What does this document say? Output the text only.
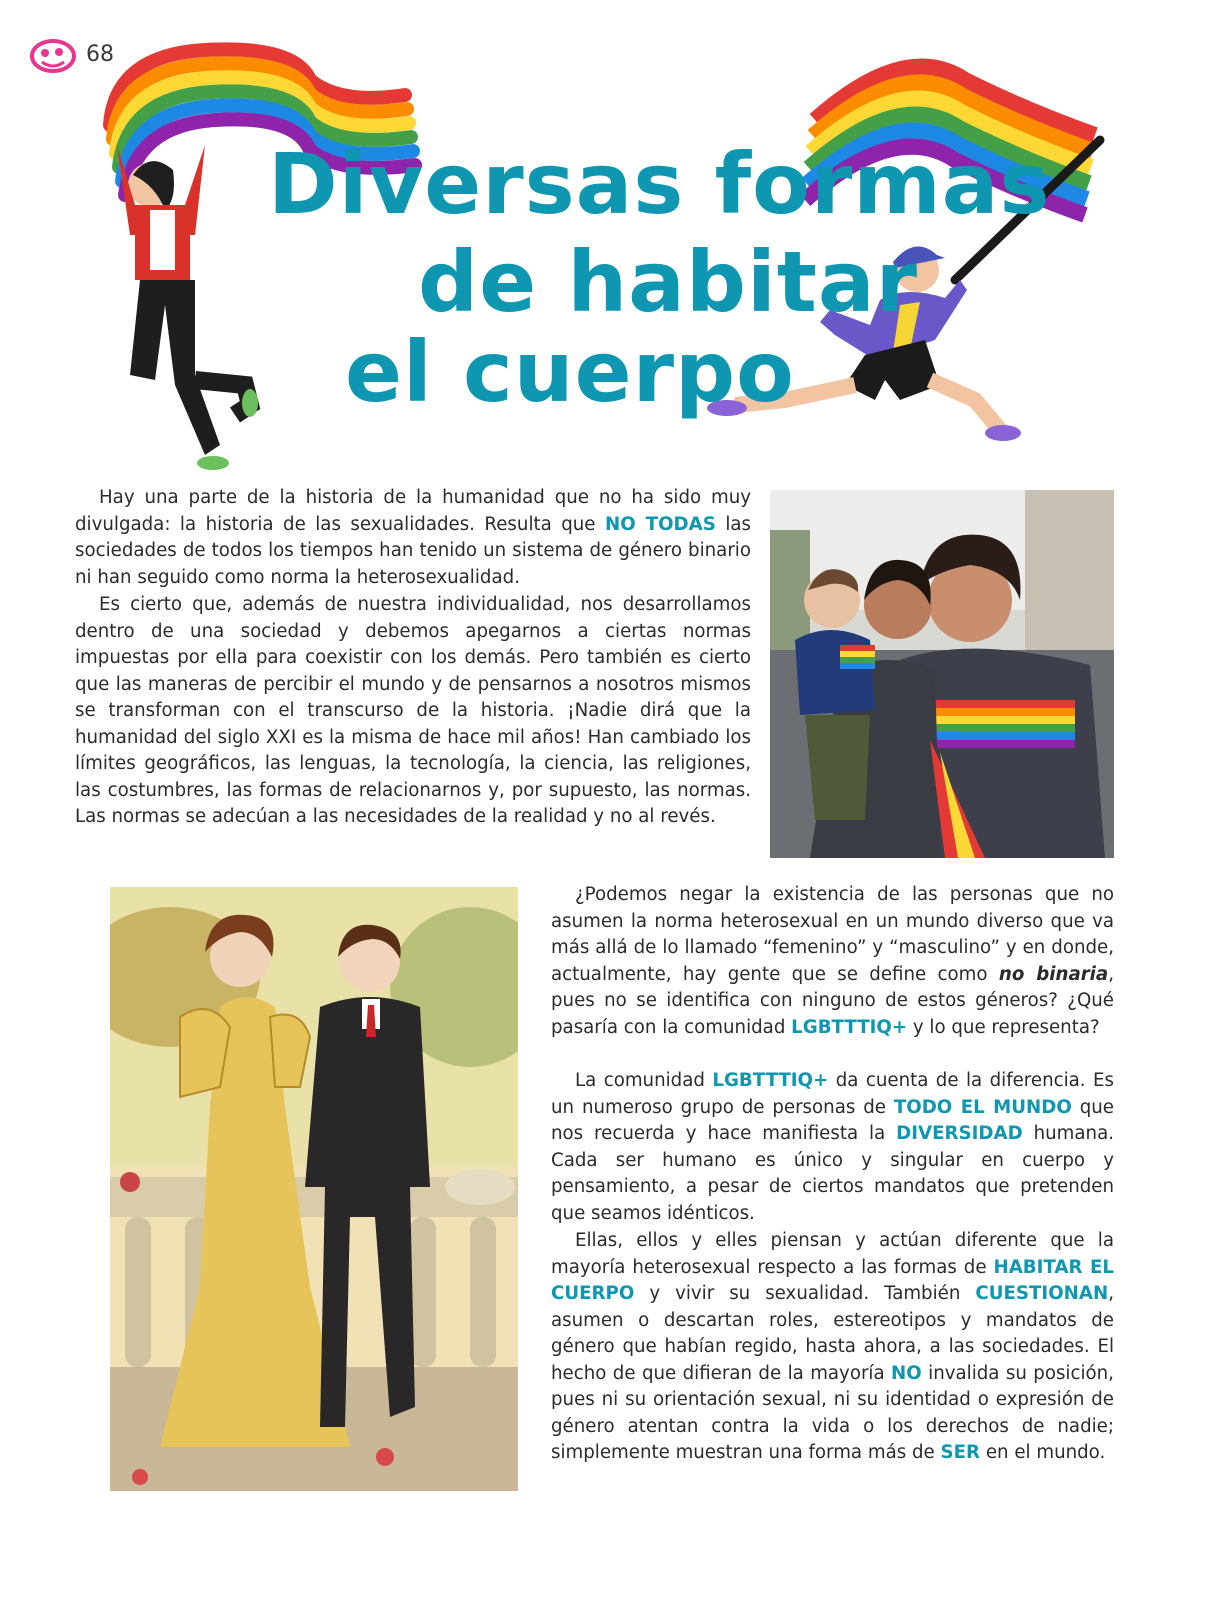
68
Diversas formas
de habitar
el cuerpo

Hay una parte de la historia de la humanidad que no ha sido muy divulgada: la historia de las sexualidades. Resulta que NO TODAS las sociedades de todos los tiempos han tenido un sistema de género binario ni han seguido como norma la heterosexualidad.

Es cierto que, además de nuestra individualidad, nos desarrollamos dentro de una sociedad y debemos apegarnos a ciertas normas impuestas por ella para coexistir con los demás. Pero también es cierto que las maneras de percibir el mundo y de pensarnos a nosotros mismos se transforman con el transcurso de la historia. ¡Nadie dirá que la humanidad del siglo XXI es la misma de hace mil años! Han cambiado los límites geográficos, las lenguas, la tecnología, la ciencia, las religiones, las costumbres, las formas de relacionarnos y, por supuesto, las normas. Las normas se adecúan a las necesidades de la realidad y no al revés.

¿Podemos negar la existencia de las personas que no asumen la norma heterosexual en un mundo diverso que va más allá de lo llamado “femenino” y “masculino” y en donde, actualmente, hay gente que se define como no binaria, pues no se identifica con ninguno de estos géneros? ¿Qué pasaría con la comunidad LGBTTTIQ+ y lo que representa?

La comunidad LGBTTTIQ+ da cuenta de la diferencia. Es un numeroso grupo de personas de TODO EL MUNDO que nos recuerda y hace manifiesta la DIVERSIDAD humana. Cada ser humano es único y singular en cuerpo y pensamiento, a pesar de ciertos mandatos que pretenden que seamos idénticos.

Ellas, ellos y elles piensan y actúan diferente que la mayoría heterosexual respecto a las formas de HABITAR EL CUERPO y vivir su sexualidad. También CUESTIONAN, asumen o descartan roles, estereotipos y mandatos de género que habían regido, hasta ahora, a las sociedades. El hecho de que difieran de la mayoría NO invalida su posición, pues ni su orientación sexual, ni su identidad o expresión de género atentan contra la vida o los derechos de nadie; simplemente muestran una forma más de SER en el mundo.
